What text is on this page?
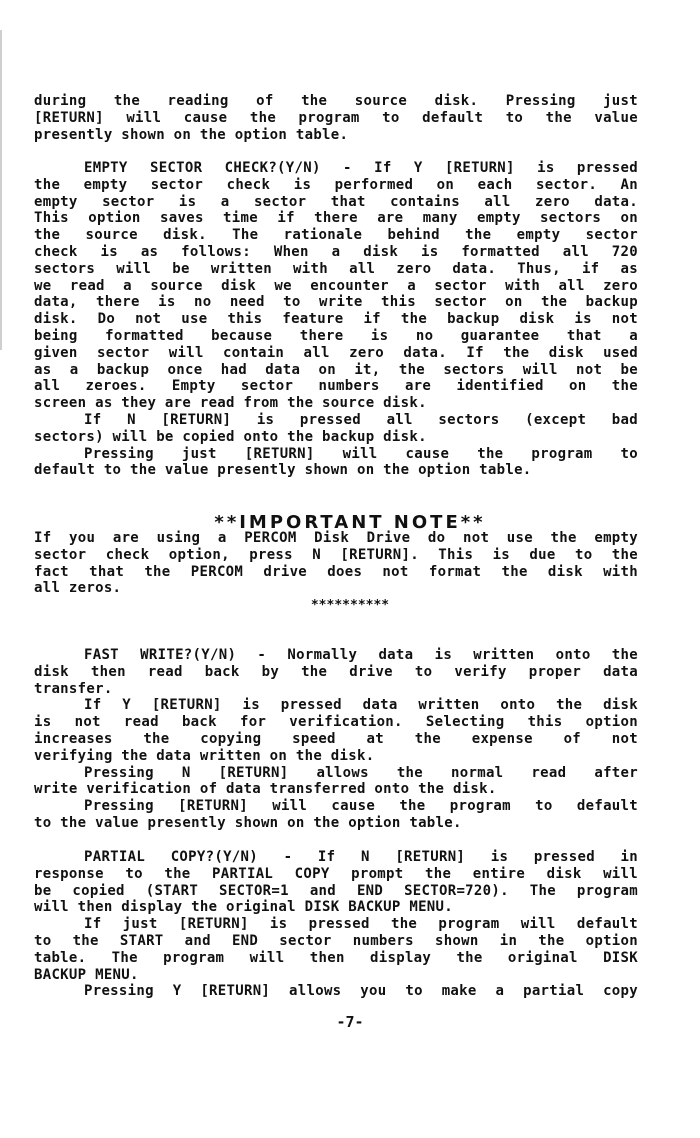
during the reading of the source disk. Pressing just
[RETURN] will cause the program to default to the value
presently shown on the option table.
EMPTY SECTOR CHECK?(Y/N) - If Y [RETURN] is pressed
the empty sector check is performed on each sector. An
empty sector is a sector that contains all zero data.
This option saves time if there are many empty sectors on
the source disk. The rationale behind the empty sector
check is as follows: When a disk is formatted all 720
sectors will be written with all zero data. Thus, if as
we read a source disk we encounter a sector with all zero
data, there is no need to write this sector on the backup
disk. Do not use this feature if the backup disk is not
being formatted because there is no guarantee that a
given sector will contain all zero data. If the disk used
as a backup once had data on it, the sectors will not be
all zeroes. Empty sector numbers are identified on the
screen as they are read from the source disk.
If N [RETURN] is pressed all sectors (except bad
sectors) will be copied onto the backup disk.
Pressing just [RETURN] will cause the program to
default to the value presently shown on the option table.

**IMPORTANT NOTE**

If you are using a PERCOM Disk Drive do not use the empty
sector check option, press N [RETURN]. This is due to the
fact that the PERCOM drive does not format the disk with
all zeros.

**********

FAST WRITE?(Y/N) - Normally data is written onto the
disk then read back by the drive to verify proper data
transfer.
If Y [RETURN] is pressed data written onto the disk
is not read back for verification. Selecting this option
increases the copying speed at the expense of not
verifying the data written on the disk.
Pressing N [RETURN] allows the normal read after
write verification of data transferred onto the disk.
Pressing [RETURN] will cause the program to default
to the value presently shown on the option table.
PARTIAL COPY?(Y/N) - If N [RETURN] is pressed in
response to the PARTIAL COPY prompt the entire disk will
be copied (START SECTOR=1 and END SECTOR=720). The program
will then display the original DISK BACKUP MENU.
If just [RETURN] is pressed the program will default
to the START and END sector numbers shown in the option
table. The program will then display the original DISK
BACKUP MENU.
Pressing Y [RETURN] allows you to make a partial copy

-7-
